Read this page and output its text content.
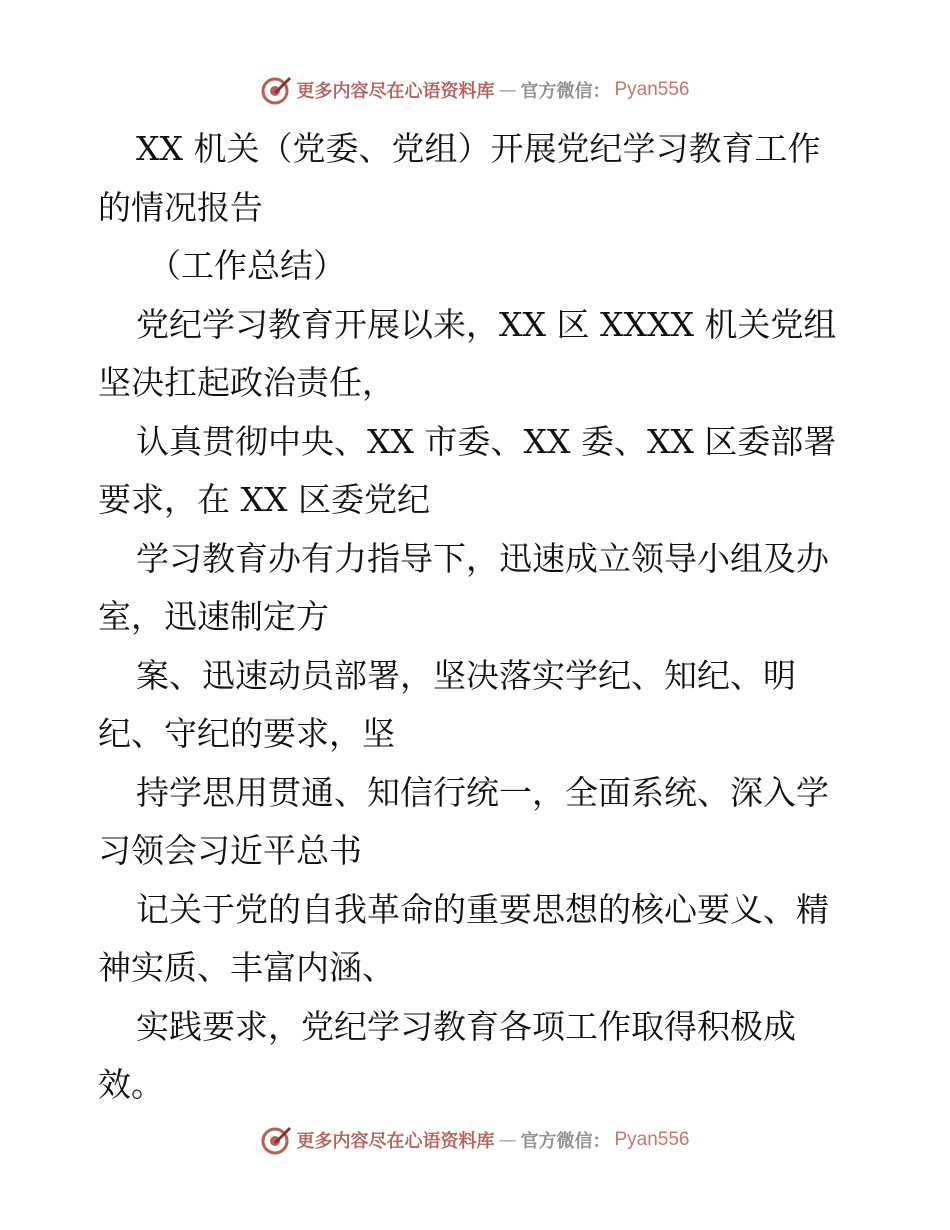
更多内容尽在心语资料库 — 官方微信： Pyan556
XX 机关（党委、党组）开展党纪学习教育工作
的情况报告
（工作总结）
党纪学习教育开展以来，XX 区 XXXX 机关党组
坚决扛起政治责任，
认真贯彻中央、XX 市委、XX 委、XX 区委部署
要求，在 XX 区委党纪
学习教育办有力指导下，迅速成立领导小组及办
室，迅速制定方
案、迅速动员部署，坚决落实学纪、知纪、明
纪、守纪的要求，坚
持学思用贯通、知信行统一，全面系统、深入学
习领会习近平总书
记关于党的自我革命的重要思想的核心要义、精
神实质、丰富内涵、
实践要求，党纪学习教育各项工作取得积极成
效。
更多内容尽在心语资料库 — 官方微信： Pyan556
